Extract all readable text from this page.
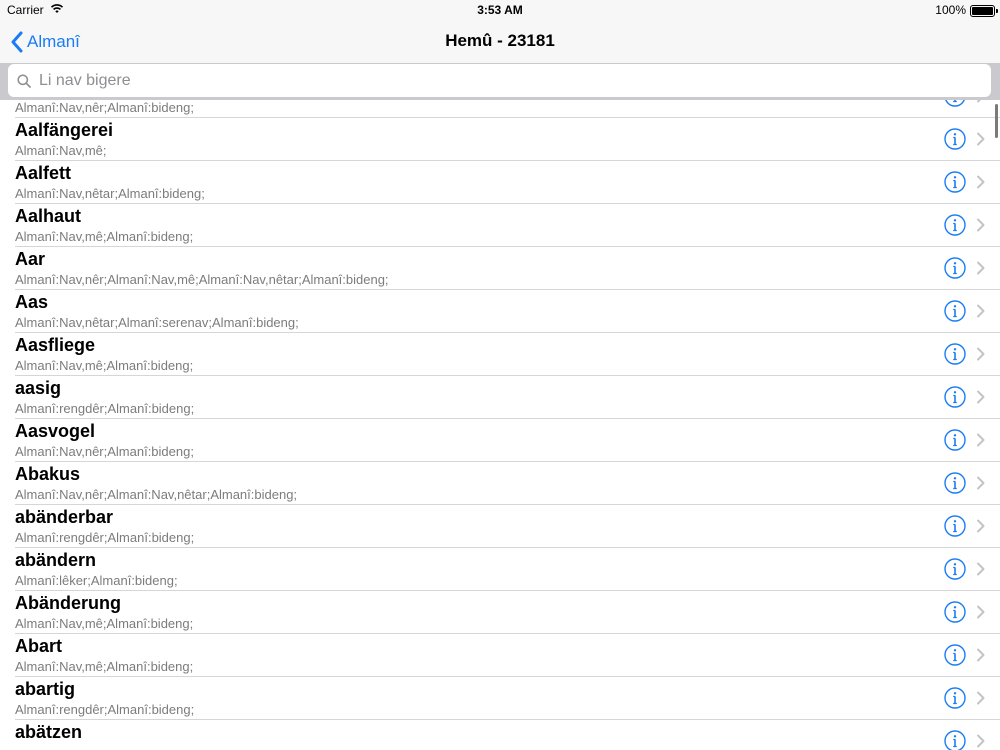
Carrier	3:53 AM	100%
Almanî	Hemû - 23181
Li nav bigere
Almanî:Nav,nêr;Almanî:bideng;
Aalfängerei
Almanî:Nav,mê;
Aalfett
Almanî:Nav,nêtar;Almanî:bideng;
Aalhaut
Almanî:Nav,mê;Almanî:bideng;
Aar
Almanî:Nav,nêr;Almanî:Nav,mê;Almanî:Nav,nêtar;Almanî:bideng;
Aas
Almanî:Nav,nêtar;Almanî:serenav;Almanî:bideng;
Aasfliege
Almanî:Nav,mê;Almanî:bideng;
aasig
Almanî:rengdêr;Almanî:bideng;
Aasvogel
Almanî:Nav,nêr;Almanî:bideng;
Abakus
Almanî:Nav,nêr;Almanî:Nav,nêtar;Almanî:bideng;
abänderbar
Almanî:rengdêr;Almanî:bideng;
abändern
Almanî:lêker;Almanî:bideng;
Abänderung
Almanî:Nav,mê;Almanî:bideng;
Abart
Almanî:Nav,mê;Almanî:bideng;
abartig
Almanî:rengdêr;Almanî:bideng;
abätzen
